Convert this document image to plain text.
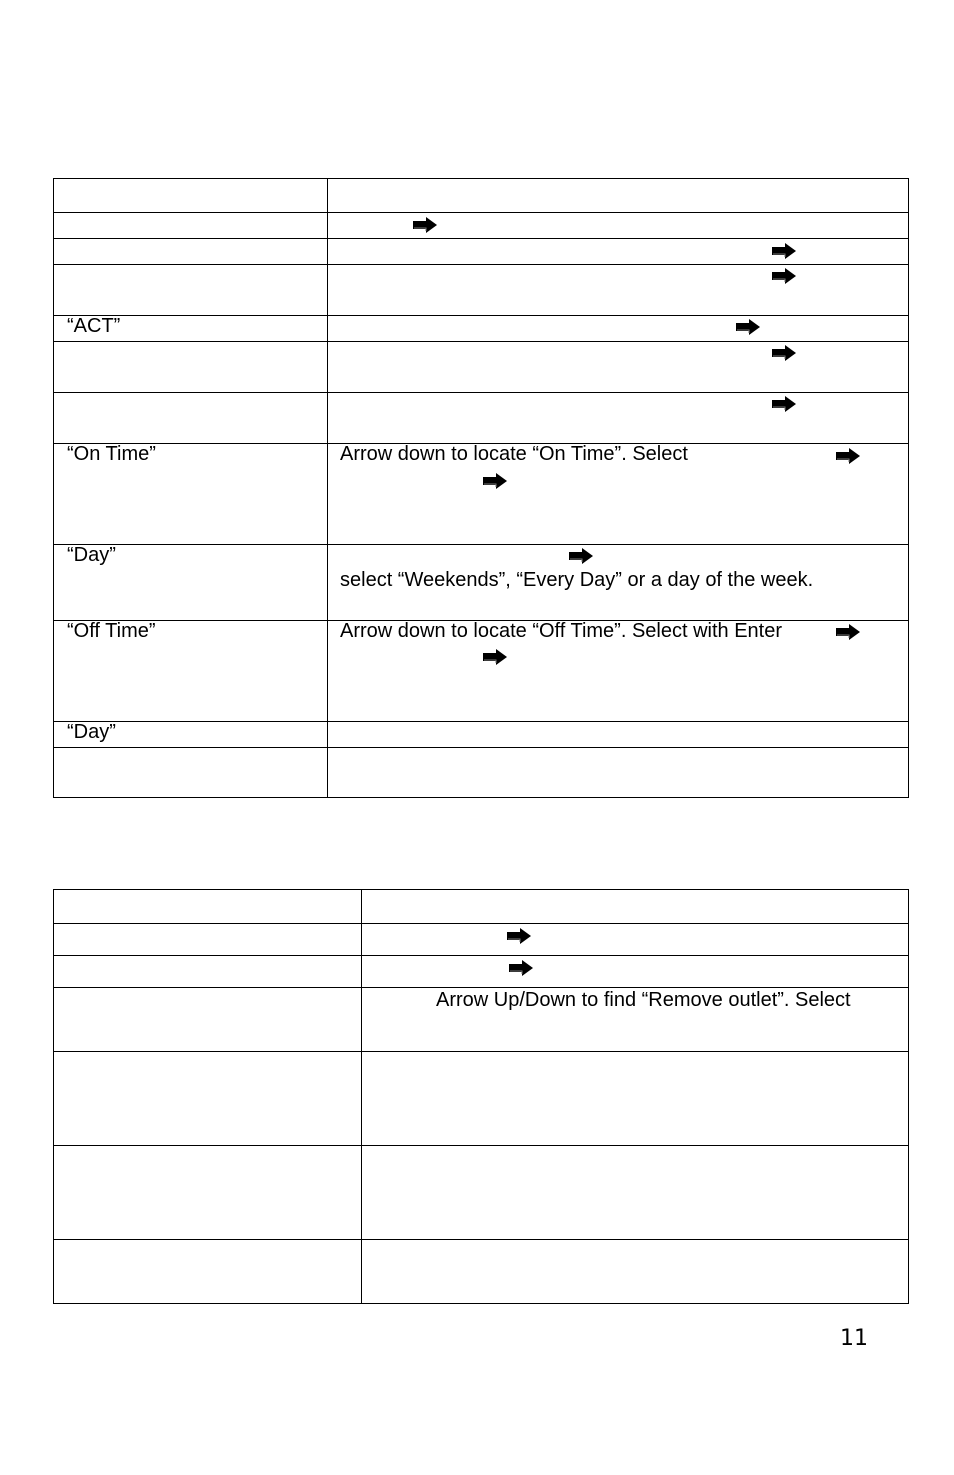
“ACT”
“On Time”	Arrow down to locate “On Time”. Select
“Day”
select “Weekends”, “Every Day” or a day of the week.
“Off Time”	Arrow down to locate “Off Time”. Select with Enter
“Day”
Arrow Up/Down to find “Remove outlet”. Select
11
